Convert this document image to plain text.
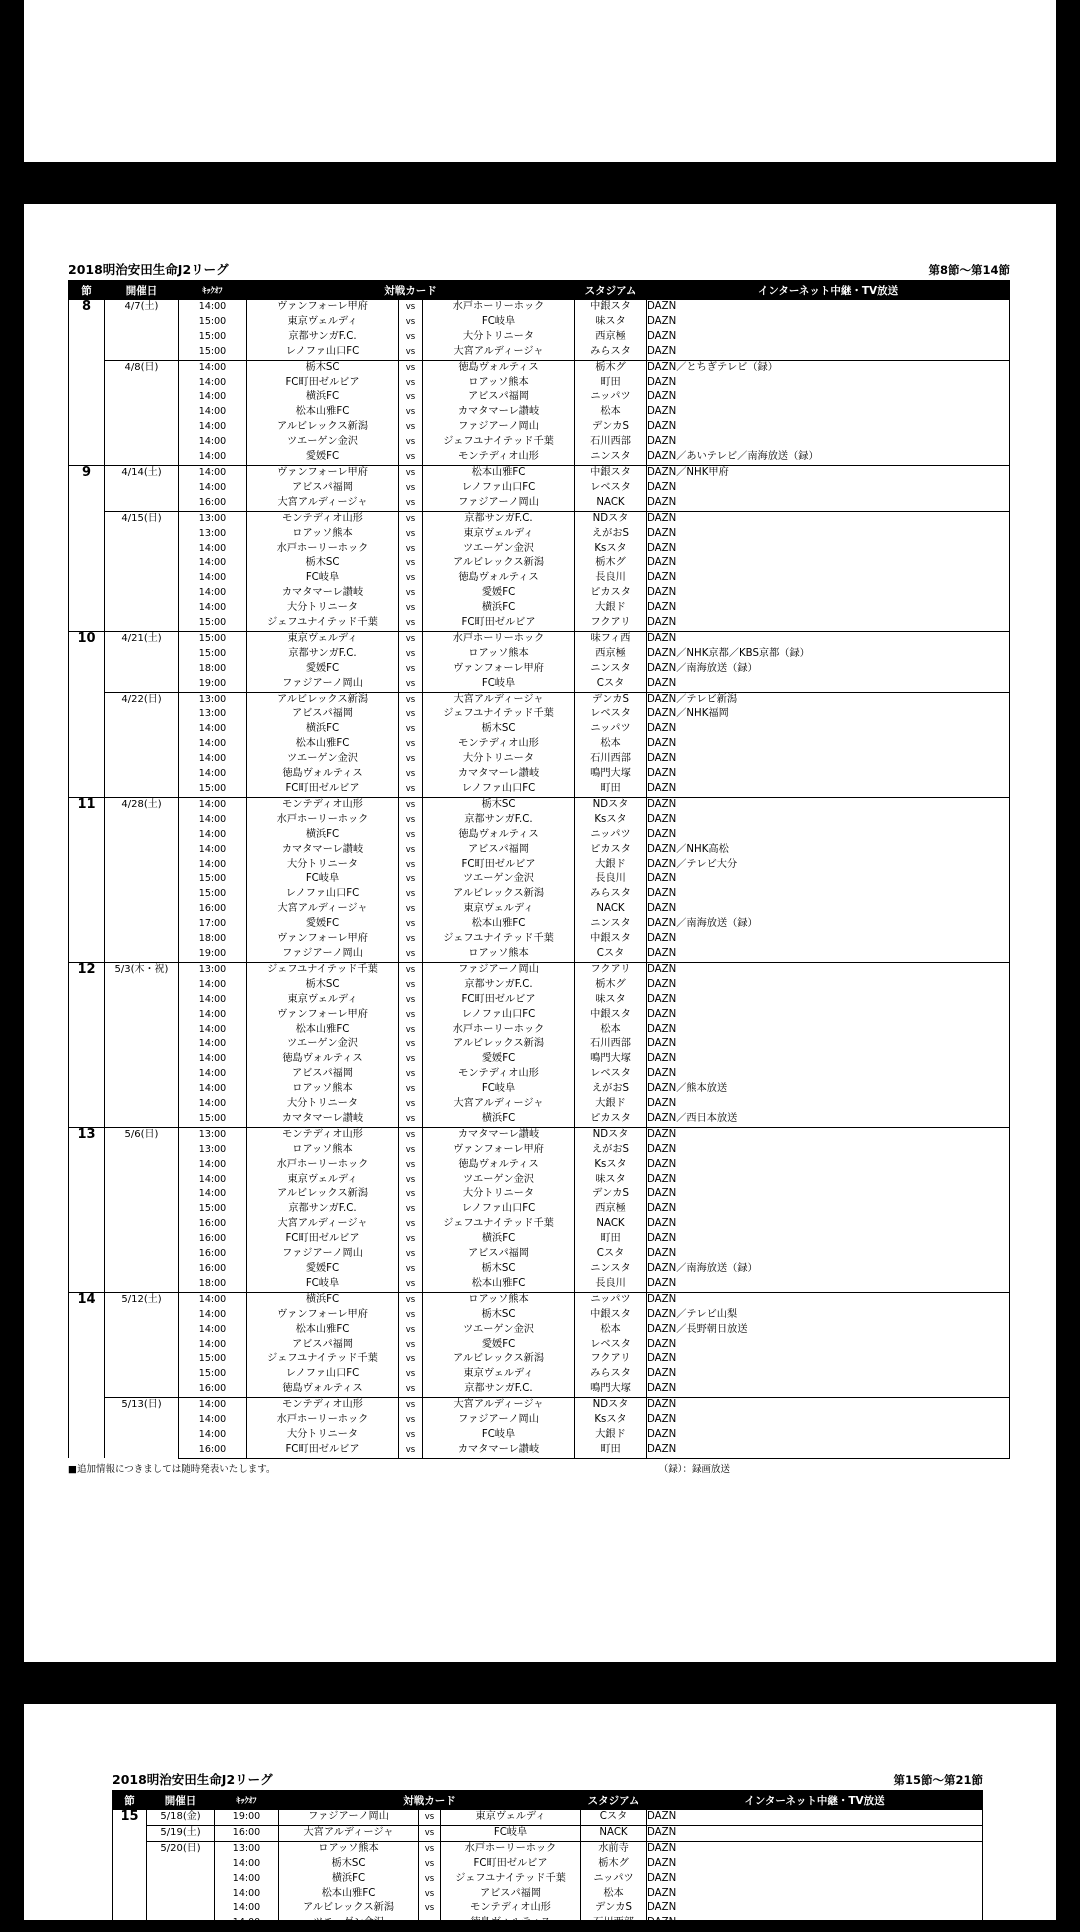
2018明治安田生命J2リーグ	第8節～第14節
節	開催日	ｷｯｸｵﾌ	対戦カード			スタジアム	インターネット中継・TV放送
8	4/7(土)	14:00	ヴァンフォーレ甲府	vs	水戸ホーリーホック	中銀スタ	DAZN
		15:00	東京ヴェルディ	vs	FC岐阜	味スタ	DAZN
		15:00	京都サンガF.C.	vs	大分トリニータ	西京極	DAZN
		15:00	レノファ山口FC	vs	大宮アルディージャ	みらスタ	DAZN
	4/8(日)	14:00	栃木SC	vs	徳島ヴォルティス	栃木グ	DAZN／とちぎテレビ（録）
		14:00	FC町田ゼルビア	vs	ロアッソ熊本	町田	DAZN
		14:00	横浜FC	vs	アビスパ福岡	ニッパツ	DAZN
		14:00	松本山雅FC	vs	カマタマーレ讃岐	松本	DAZN
		14:00	アルビレックス新潟	vs	ファジアーノ岡山	デンカS	DAZN
		14:00	ツエーゲン金沢	vs	ジェフユナイテッド千葉	石川西部	DAZN
		14:00	愛媛FC	vs	モンテディオ山形	ニンスタ	DAZN／あいテレビ／南海放送（録）
9	4/14(土)	14:00	ヴァンフォーレ甲府	vs	松本山雅FC	中銀スタ	DAZN／NHK甲府
		14:00	アビスパ福岡	vs	レノファ山口FC	レベスタ	DAZN
		16:00	大宮アルディージャ	vs	ファジアーノ岡山	NACK	DAZN
	4/15(日)	13:00	モンテディオ山形	vs	京都サンガF.C.	NDスタ	DAZN
		13:00	ロアッソ熊本	vs	東京ヴェルディ	えがおS	DAZN
		14:00	水戸ホーリーホック	vs	ツエーゲン金沢	Ksスタ	DAZN
		14:00	栃木SC	vs	アルビレックス新潟	栃木グ	DAZN
		14:00	FC岐阜	vs	徳島ヴォルティス	長良川	DAZN
		14:00	カマタマーレ讃岐	vs	愛媛FC	ピカスタ	DAZN
		14:00	大分トリニータ	vs	横浜FC	大銀ド	DAZN
		15:00	ジェフユナイテッド千葉	vs	FC町田ゼルビア	フクアリ	DAZN
10	4/21(土)	15:00	東京ヴェルディ	vs	水戸ホーリーホック	味フィ西	DAZN
		15:00	京都サンガF.C.	vs	ロアッソ熊本	西京極	DAZN／NHK京都／KBS京都（録）
		18:00	愛媛FC	vs	ヴァンフォーレ甲府	ニンスタ	DAZN／南海放送（録）
		19:00	ファジアーノ岡山	vs	FC岐阜	Cスタ	DAZN
	4/22(日)	13:00	アルビレックス新潟	vs	大宮アルディージャ	デンカS	DAZN／テレビ新潟
		13:00	アビスパ福岡	vs	ジェフユナイテッド千葉	レベスタ	DAZN／NHK福岡
		14:00	横浜FC	vs	栃木SC	ニッパツ	DAZN
		14:00	松本山雅FC	vs	モンテディオ山形	松本	DAZN
		14:00	ツエーゲン金沢	vs	大分トリニータ	石川西部	DAZN
		14:00	徳島ヴォルティス	vs	カマタマーレ讃岐	鳴門大塚	DAZN
		15:00	FC町田ゼルビア	vs	レノファ山口FC	町田	DAZN
11	4/28(土)	14:00	モンテディオ山形	vs	栃木SC	NDスタ	DAZN
		14:00	水戸ホーリーホック	vs	京都サンガF.C.	Ksスタ	DAZN
		14:00	横浜FC	vs	徳島ヴォルティス	ニッパツ	DAZN
		14:00	カマタマーレ讃岐	vs	アビスパ福岡	ピカスタ	DAZN／NHK高松
		14:00	大分トリニータ	vs	FC町田ゼルビア	大銀ド	DAZN／テレビ大分
		15:00	FC岐阜	vs	ツエーゲン金沢	長良川	DAZN
		15:00	レノファ山口FC	vs	アルビレックス新潟	みらスタ	DAZN
		16:00	大宮アルディージャ	vs	東京ヴェルディ	NACK	DAZN
		17:00	愛媛FC	vs	松本山雅FC	ニンスタ	DAZN／南海放送（録）
		18:00	ヴァンフォーレ甲府	vs	ジェフユナイテッド千葉	中銀スタ	DAZN
		19:00	ファジアーノ岡山	vs	ロアッソ熊本	Cスタ	DAZN
12	5/3(木・祝)	13:00	ジェフユナイテッド千葉	vs	ファジアーノ岡山	フクアリ	DAZN
		14:00	栃木SC	vs	京都サンガF.C.	栃木グ	DAZN
		14:00	東京ヴェルディ	vs	FC町田ゼルビア	味スタ	DAZN
		14:00	ヴァンフォーレ甲府	vs	レノファ山口FC	中銀スタ	DAZN
		14:00	松本山雅FC	vs	水戸ホーリーホック	松本	DAZN
		14:00	ツエーゲン金沢	vs	アルビレックス新潟	石川西部	DAZN
		14:00	徳島ヴォルティス	vs	愛媛FC	鳴門大塚	DAZN
		14:00	アビスパ福岡	vs	モンテディオ山形	レベスタ	DAZN
		14:00	ロアッソ熊本	vs	FC岐阜	えがおS	DAZN／熊本放送
		14:00	大分トリニータ	vs	大宮アルディージャ	大銀ド	DAZN
		15:00	カマタマーレ讃岐	vs	横浜FC	ピカスタ	DAZN／西日本放送
13	5/6(日)	13:00	モンテディオ山形	vs	カマタマーレ讃岐	NDスタ	DAZN
		13:00	ロアッソ熊本	vs	ヴァンフォーレ甲府	えがおS	DAZN
		14:00	水戸ホーリーホック	vs	徳島ヴォルティス	Ksスタ	DAZN
		14:00	東京ヴェルディ	vs	ツエーゲン金沢	味スタ	DAZN
		14:00	アルビレックス新潟	vs	大分トリニータ	デンカS	DAZN
		15:00	京都サンガF.C.	vs	レノファ山口FC	西京極	DAZN
		16:00	大宮アルディージャ	vs	ジェフユナイテッド千葉	NACK	DAZN
		16:00	FC町田ゼルビア	vs	横浜FC	町田	DAZN
		16:00	ファジアーノ岡山	vs	アビスパ福岡	Cスタ	DAZN
		16:00	愛媛FC	vs	栃木SC	ニンスタ	DAZN／南海放送（録）
		18:00	FC岐阜	vs	松本山雅FC	長良川	DAZN
14	5/12(土)	14:00	横浜FC	vs	ロアッソ熊本	ニッパツ	DAZN
		14:00	ヴァンフォーレ甲府	vs	栃木SC	中銀スタ	DAZN／テレビ山梨
		14:00	松本山雅FC	vs	ツエーゲン金沢	松本	DAZN／長野朝日放送
		14:00	アビスパ福岡	vs	愛媛FC	レベスタ	DAZN
		15:00	ジェフユナイテッド千葉	vs	アルビレックス新潟	フクアリ	DAZN
		15:00	レノファ山口FC	vs	東京ヴェルディ	みらスタ	DAZN
		16:00	徳島ヴォルティス	vs	京都サンガF.C.	鳴門大塚	DAZN
	5/13(日)	14:00	モンテディオ山形	vs	大宮アルディージャ	NDスタ	DAZN
		14:00	水戸ホーリーホック	vs	ファジアーノ岡山	Ksスタ	DAZN
		14:00	大分トリニータ	vs	FC岐阜	大銀ド	DAZN
		16:00	FC町田ゼルビア	vs	カマタマーレ讃岐	町田	DAZN
■追加情報につきましては随時発表いたします。	（録）：録画放送
2018明治安田生命J2リーグ	第15節～第21節
節	開催日	ｷｯｸｵﾌ	対戦カード			スタジアム	インターネット中継・TV放送
15	5/18(金)	19:00	ファジアーノ岡山	vs	東京ヴェルディ	Cスタ	DAZN
	5/19(土)	16:00	大宮アルディージャ	vs	FC岐阜	NACK	DAZN
	5/20(日)	13:00	ロアッソ熊本	vs	水戸ホーリーホック	水前寺	DAZN
		14:00	栃木SC	vs	FC町田ゼルビア	栃木グ	DAZN
		14:00	横浜FC	vs	ジェフユナイテッド千葉	ニッパツ	DAZN
		14:00	松本山雅FC	vs	アビスパ福岡	松本	DAZN
		14:00	アルビレックス新潟	vs	モンテディオ山形	デンカS	DAZN
		14:00	ツエーゲン金沢	vs	徳島ヴォルティス	石川西部	DAZN
